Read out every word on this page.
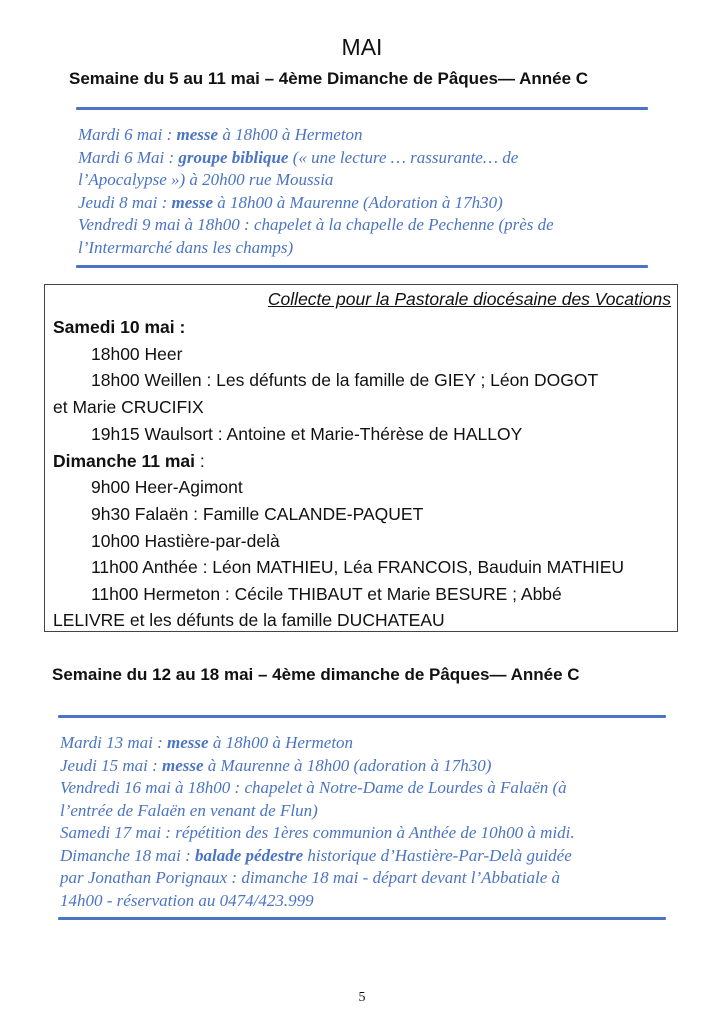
MAI
Semaine du 5 au 11 mai – 4ème Dimanche de Pâques— Année C
Mardi 6 mai : messe à 18h00 à Hermeton
Mardi 6 Mai : groupe biblique (« une lecture … rassurante… de
l’Apocalypse ») à 20h00 rue Moussia
Jeudi 8 mai : messe à 18h00 à Maurenne (Adoration à 17h30)
Vendredi 9 mai à 18h00 : chapelet à la chapelle de Pechenne (près de
l’Intermarché dans les champs)
Collecte pour la Pastorale diocésaine des Vocations
Samedi 10 mai :
18h00 Heer
18h00 Weillen : Les défunts de la famille de GIEY ; Léon DOGOT
et Marie CRUCIFIX
19h15 Waulsort : Antoine et Marie-Thérèse de HALLOY
Dimanche 11 mai :
9h00 Heer-Agimont
9h30 Falaën : Famille CALANDE-PAQUET
10h00 Hastière-par-delà
11h00 Anthée : Léon MATHIEU, Léa FRANCOIS, Bauduin MATHIEU
11h00 Hermeton : Cécile THIBAUT et Marie BESURE ; Abbé
LELIVRE et les défunts de la famille DUCHATEAU
Semaine du 12 au 18 mai – 4ème dimanche de Pâques— Année C
Mardi 13 mai : messe à 18h00 à Hermeton
Jeudi 15 mai : messe à Maurenne à 18h00 (adoration à 17h30)
Vendredi 16 mai à 18h00 : chapelet à Notre-Dame de Lourdes à Falaën (à
l’entrée de Falaën en venant de Flun)
Samedi 17 mai : répétition des 1ères communion à Anthée de 10h00 à midi.
Dimanche 18 mai : balade pédestre historique d’Hastière-Par-Delà guidée
par Jonathan Porignaux : dimanche 18 mai - départ devant l’Abbatiale à
14h00 - réservation au 0474/423.999
5
